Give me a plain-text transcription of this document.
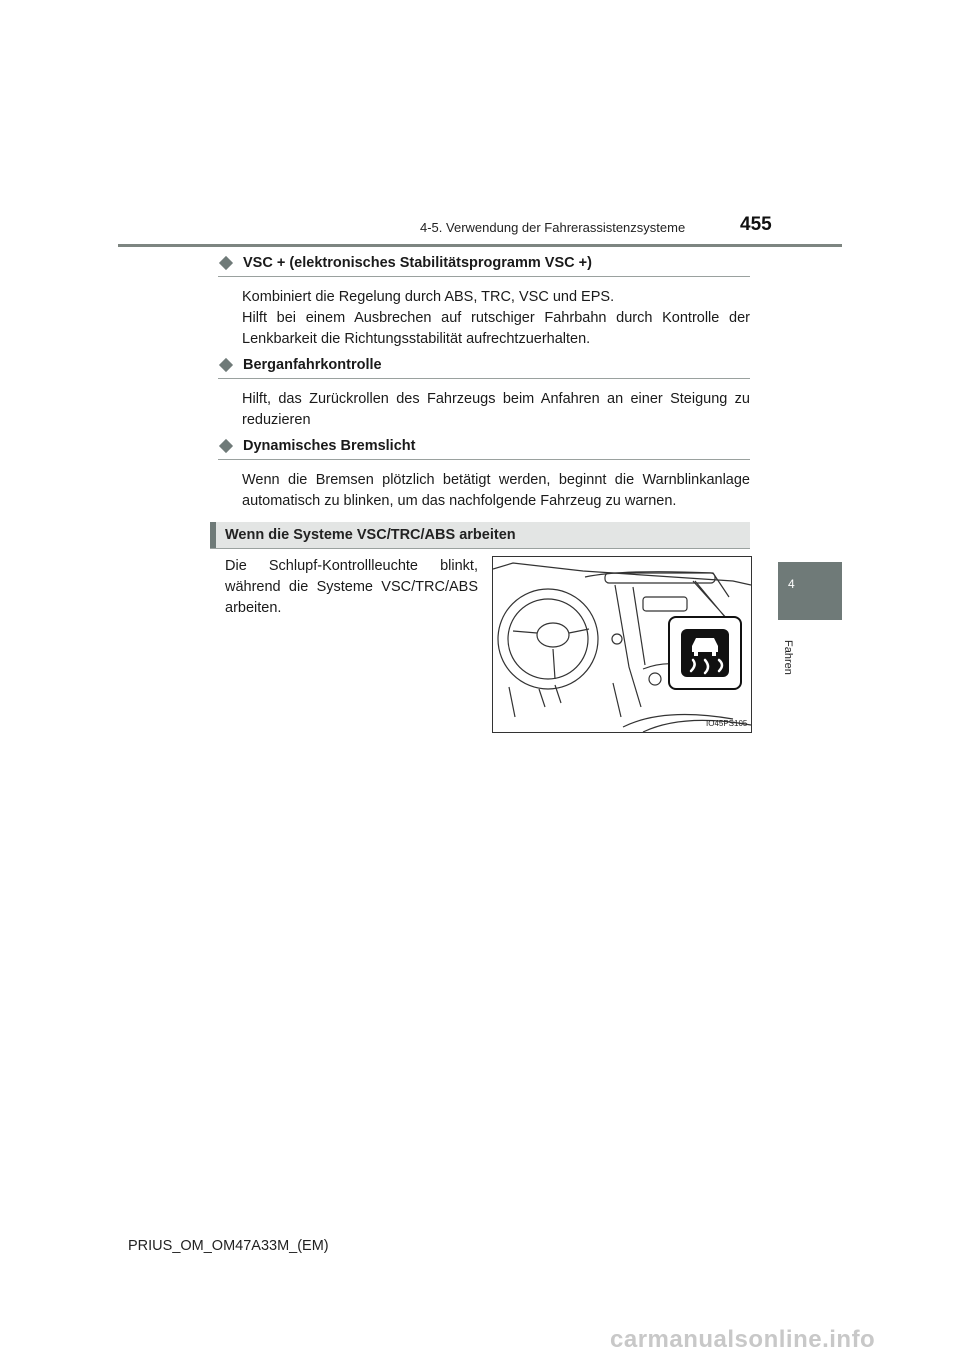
4-5. Verwendung der Fahrerassistenzsysteme	455
4
Fahren
VSC + (elektronisches Stabilitätsprogramm VSC +)
Kombiniert die Regelung durch ABS, TRC, VSC und EPS.
Hilft bei einem Ausbrechen auf rutschiger Fahrbahn durch Kontrolle der Lenkbarkeit die Richtungsstabilität aufrechtzuerhalten.
Berganfahrkontrolle
Hilft, das Zurückrollen des Fahrzeugs beim Anfahren an einer Steigung zu reduzieren
Dynamisches Bremslicht
Wenn die Bremsen plötzlich betätigt werden, beginnt die Warnblinkanlage automatisch zu blinken, um das nachfolgende Fahrzeug zu warnen.
Wenn die Systeme VSC/TRC/ABS arbeiten
Die Schlupf-Kontrollleuchte blinkt, während die Systeme VSC/TRC/ABS arbeiten.
IO45PS105
PRIUS_OM_OM47A33M_(EM)
carmanualsonline.info
